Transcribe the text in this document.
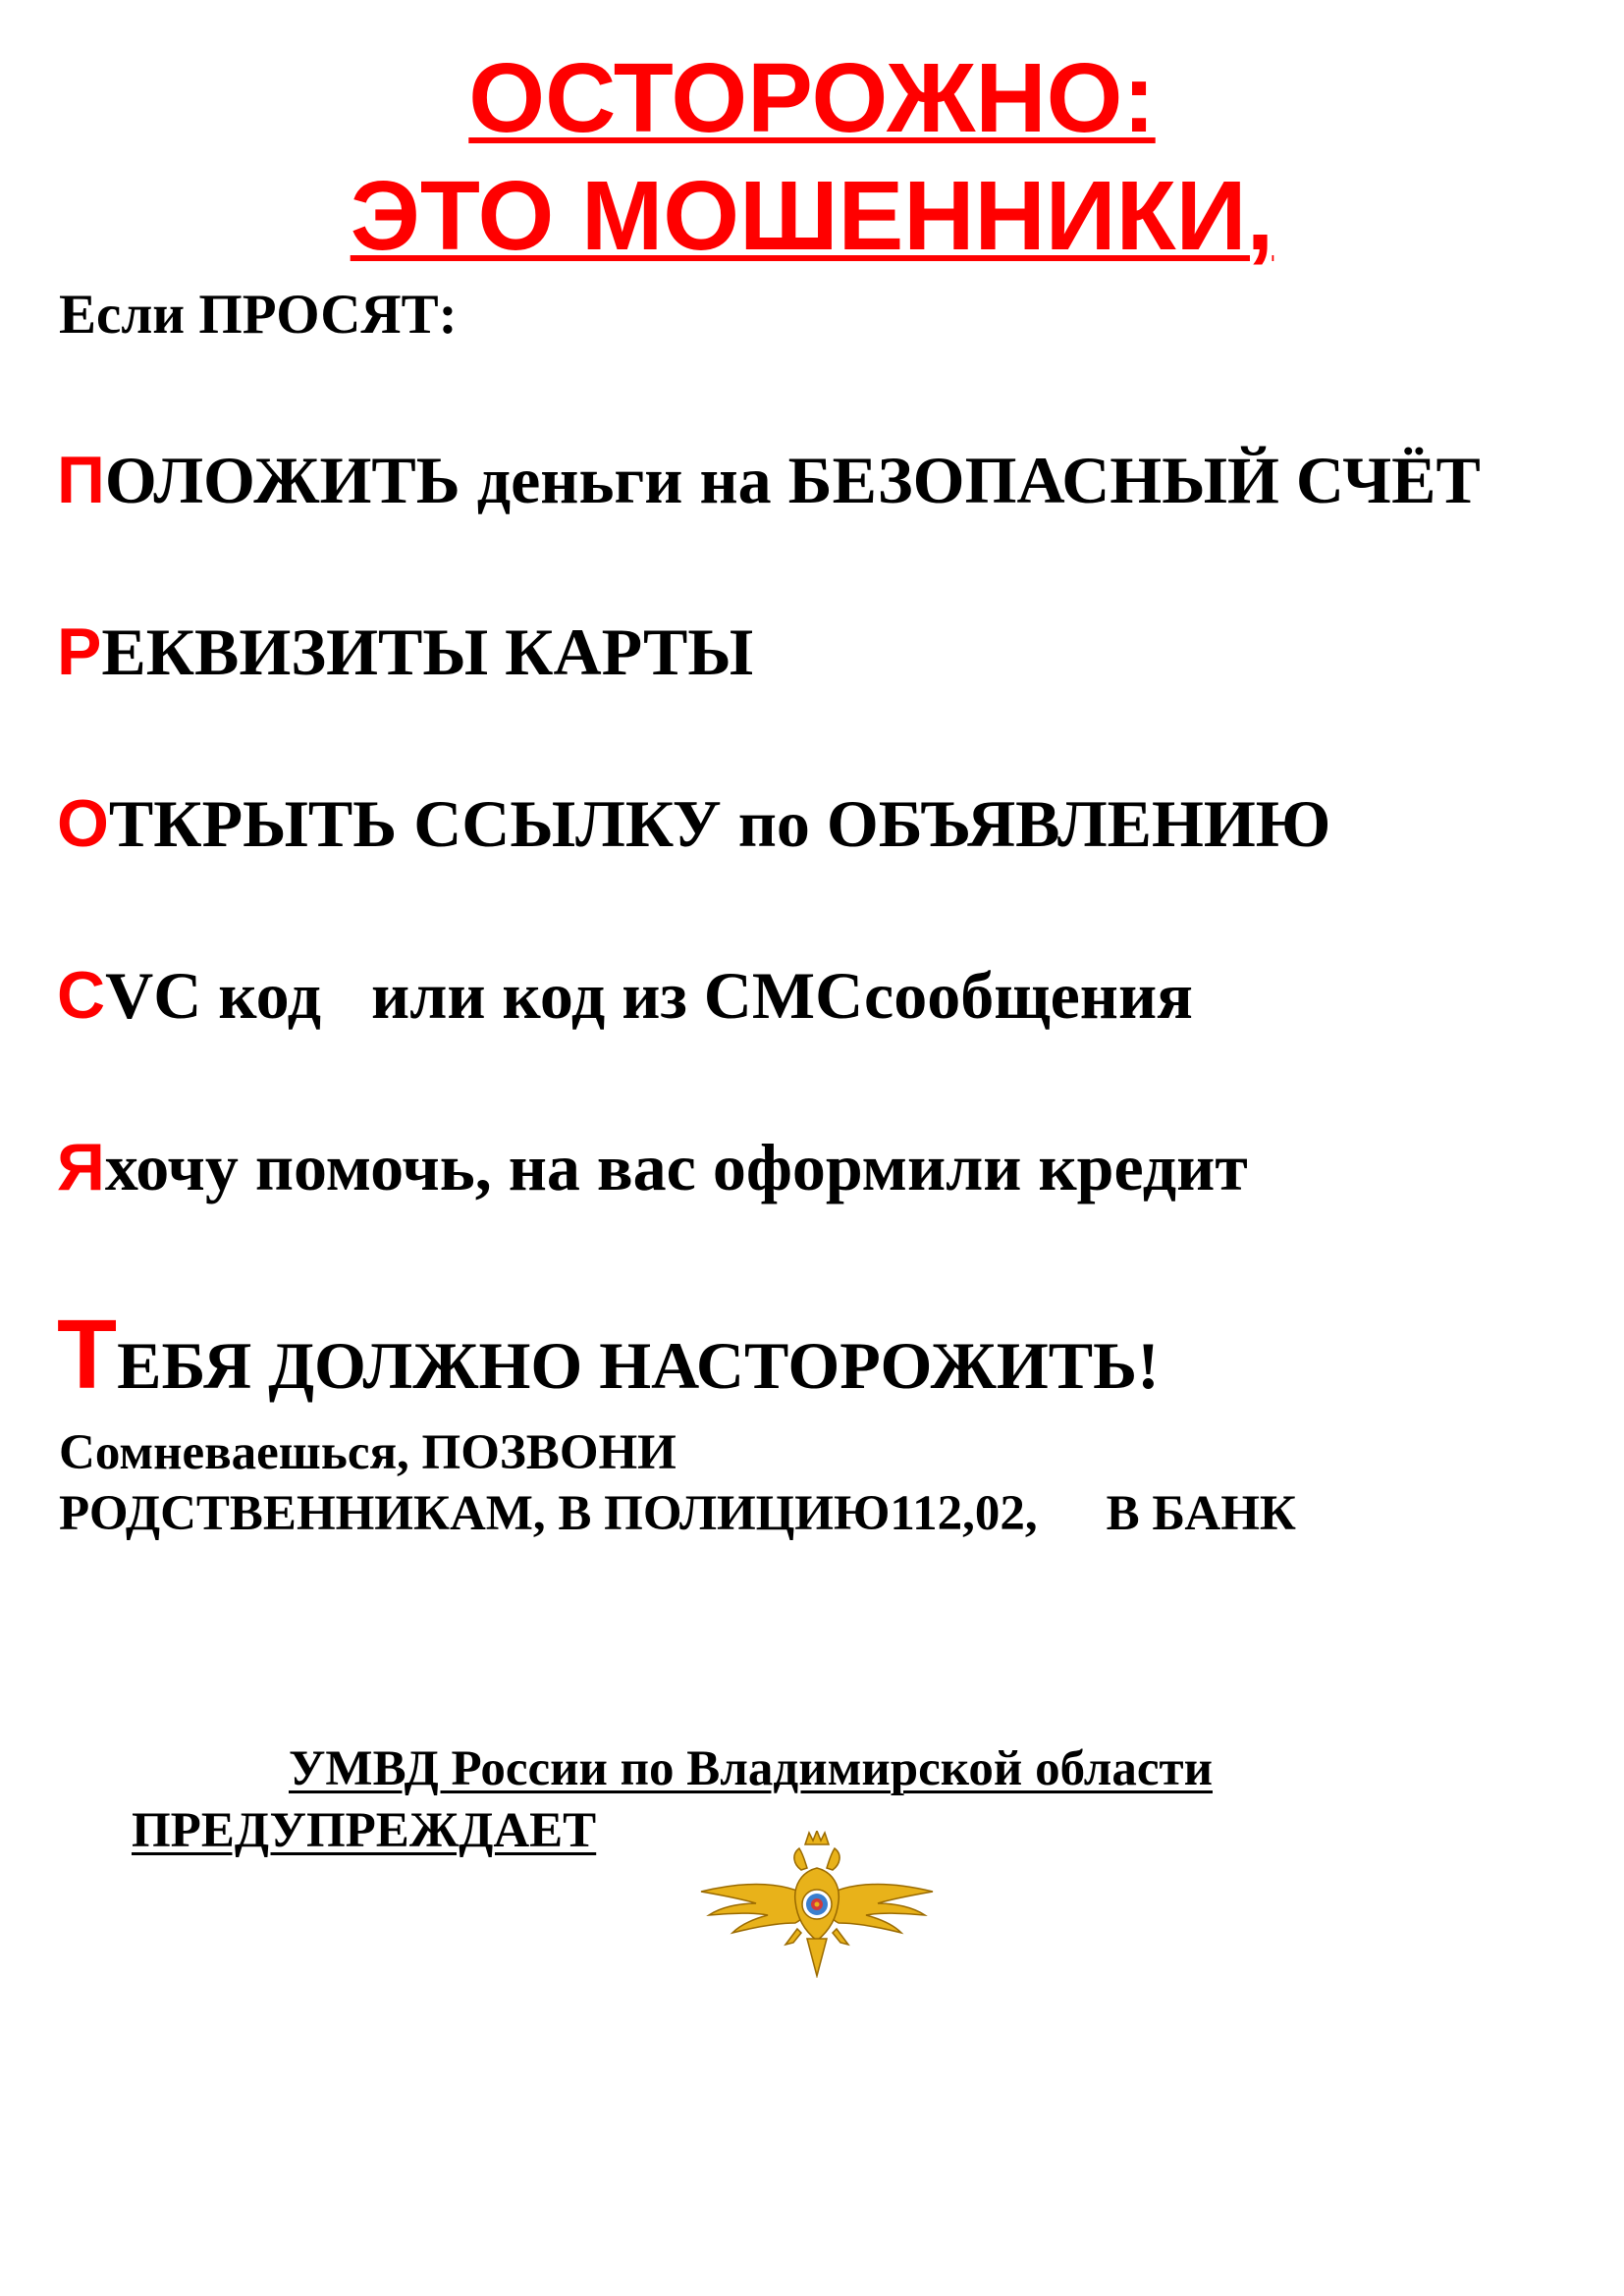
ОСТОРОЖНО:
ЭТО МОШЕННИКИ,
Если ПРОСЯТ:
ПОЛОЖИТЬ деньги на БЕЗОПАСНЫЙ СЧЁТ
РЕКВИЗИТЫ КАРТЫ
ОТКРЫТЬ ССЫЛКУ по ОБЪЯВЛЕНИЮ
СVC код   или код из СМСсообщения
Яхочу помочь, на вас оформили кредит
ТЕБЯ ДОЛЖНО НАСТОРОЖИТЬ!
Сомневаешься, ПОЗВОНИ
РОДСТВЕННИКАМ, В ПОЛИЦИЮ112,02, В БАНК
УМВД России по Владимирской области
ПРЕДУПРЕЖДАЕТ
